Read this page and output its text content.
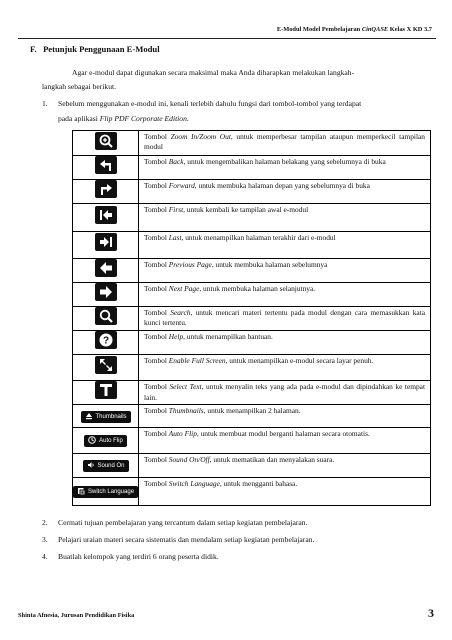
E-Modul Model Pembelajaran CinQASE Kelas X KD 3.7
F. Petunjuk Penggunaan E-Modul
Agar e-modul dapat digunakan secara maksimal maka Anda diharapkan melakukan langkah-
langkah sebagai berikut.
1. Sebelum menggunakan e-modul ini, kenali terlebih dahulu fungsi dari tombol-tombol yang terdapat
pada aplikasi Flip PDF Corporate Edition.
	Tombol Zoom In/Zoom Out, untuk memperbesar tampilan ataupun memperkecil tampilan modul

	Tombol Back, untuk mengembalikan halaman belakang yang sebelumnya di buka

	Tombol Forward, untuk membuka halaman depan yang sebelumnya di buka

	Tombol First, untuk kembali ke tampilan awal e-modul

	Tombol Last, untuk menampilkan halaman terakhir dari e-modul

	Tombol Previous Page, untuk membuka halaman sebelumnya

	Tombol Next Page, untuk membuka halaman selanjutnya.

	Tombol Search, untuk mencari materi tertentu pada modul dengan cara memasukkan kata kunci tertentu.

?	Tombol Help, untuk menampilkan bantuan.

	Tombol Enable Full Screen, untuk menampilkan e-modul secara layar penuh.

	Tombol Select Text, untuk menyalin teks yang ada pada e-modul dan dipindahkan ke tempat lain.

Thumbnails	Tombol Thumbnails, untuk menampilkan 2 halaman.

Auto Flip	Tombol Auto Flip, untuk membuat modul berganti halaman secara otomatis.

Sound On	Tombol Sound On/Off, untuk mematikan dan menyalakan suara.

Switch Language	Tombol Switch Language, untuk mengganti bahasa.
2. Cermati tujuan pembelajaran yang tercantum dalam setiap kegiatan pembelajaran.
3. Pelajari uraian materi secara sistematis dan mendalam setiap kegiatan pembelajaran.
4. Buatlah kelompok yang terdiri 6 orang peserta didik.
Shinta Afnesia, Jurusan Pendidikan Fisika	3
